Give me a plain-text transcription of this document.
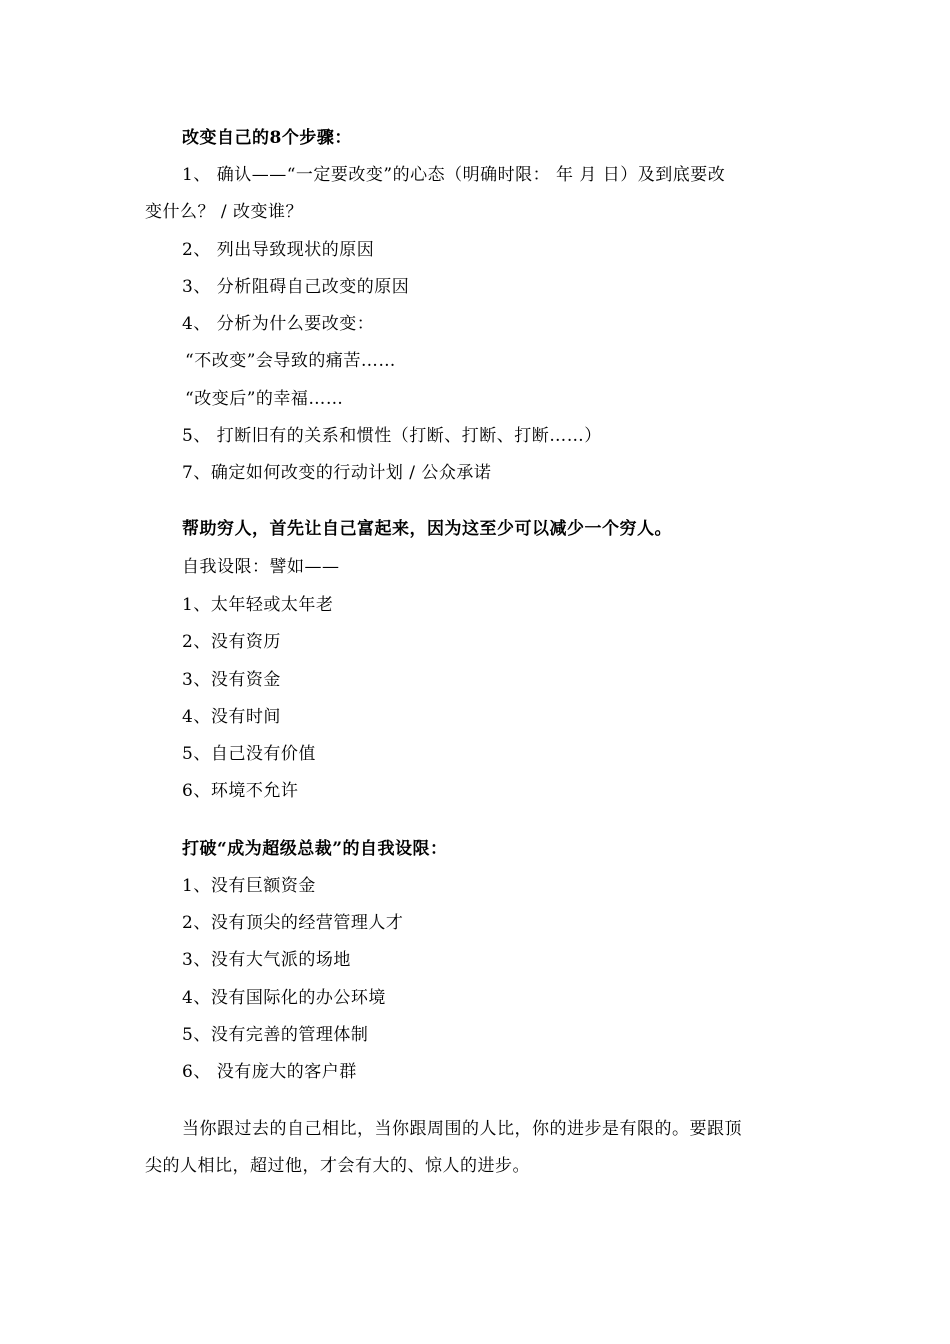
改变自己的8个步骤：
1、 确认——“一定要改变”的心态（明确时限： 年 月 日）及到底要改
变什么？ / 改变谁？
2、 列出导致现状的原因
3、 分析阻碍自己改变的原因
4、 分析为什么要改变：
“不改变”会导致的痛苦……
“改变后”的幸福……
5、 打断旧有的关系和惯性（打断、打断、打断……）
7、确定如何改变的行动计划 / 公众承诺
帮助穷人，首先让自己富起来，因为这至少可以减少一个穷人。
自我设限：譬如——
1、太年轻或太年老
2、没有资历
3、没有资金
4、没有时间
5、自己没有价值
6、环境不允许
打破“成为超级总裁”的自我设限：
1、没有巨额资金
2、没有顶尖的经营管理人才
3、没有大气派的场地
4、没有国际化的办公环境
5、没有完善的管理体制
6、 没有庞大的客户群
当你跟过去的自己相比，当你跟周围的人比，你的进步是有限的。要跟顶
尖的人相比，超过他，才会有大的、惊人的进步。
